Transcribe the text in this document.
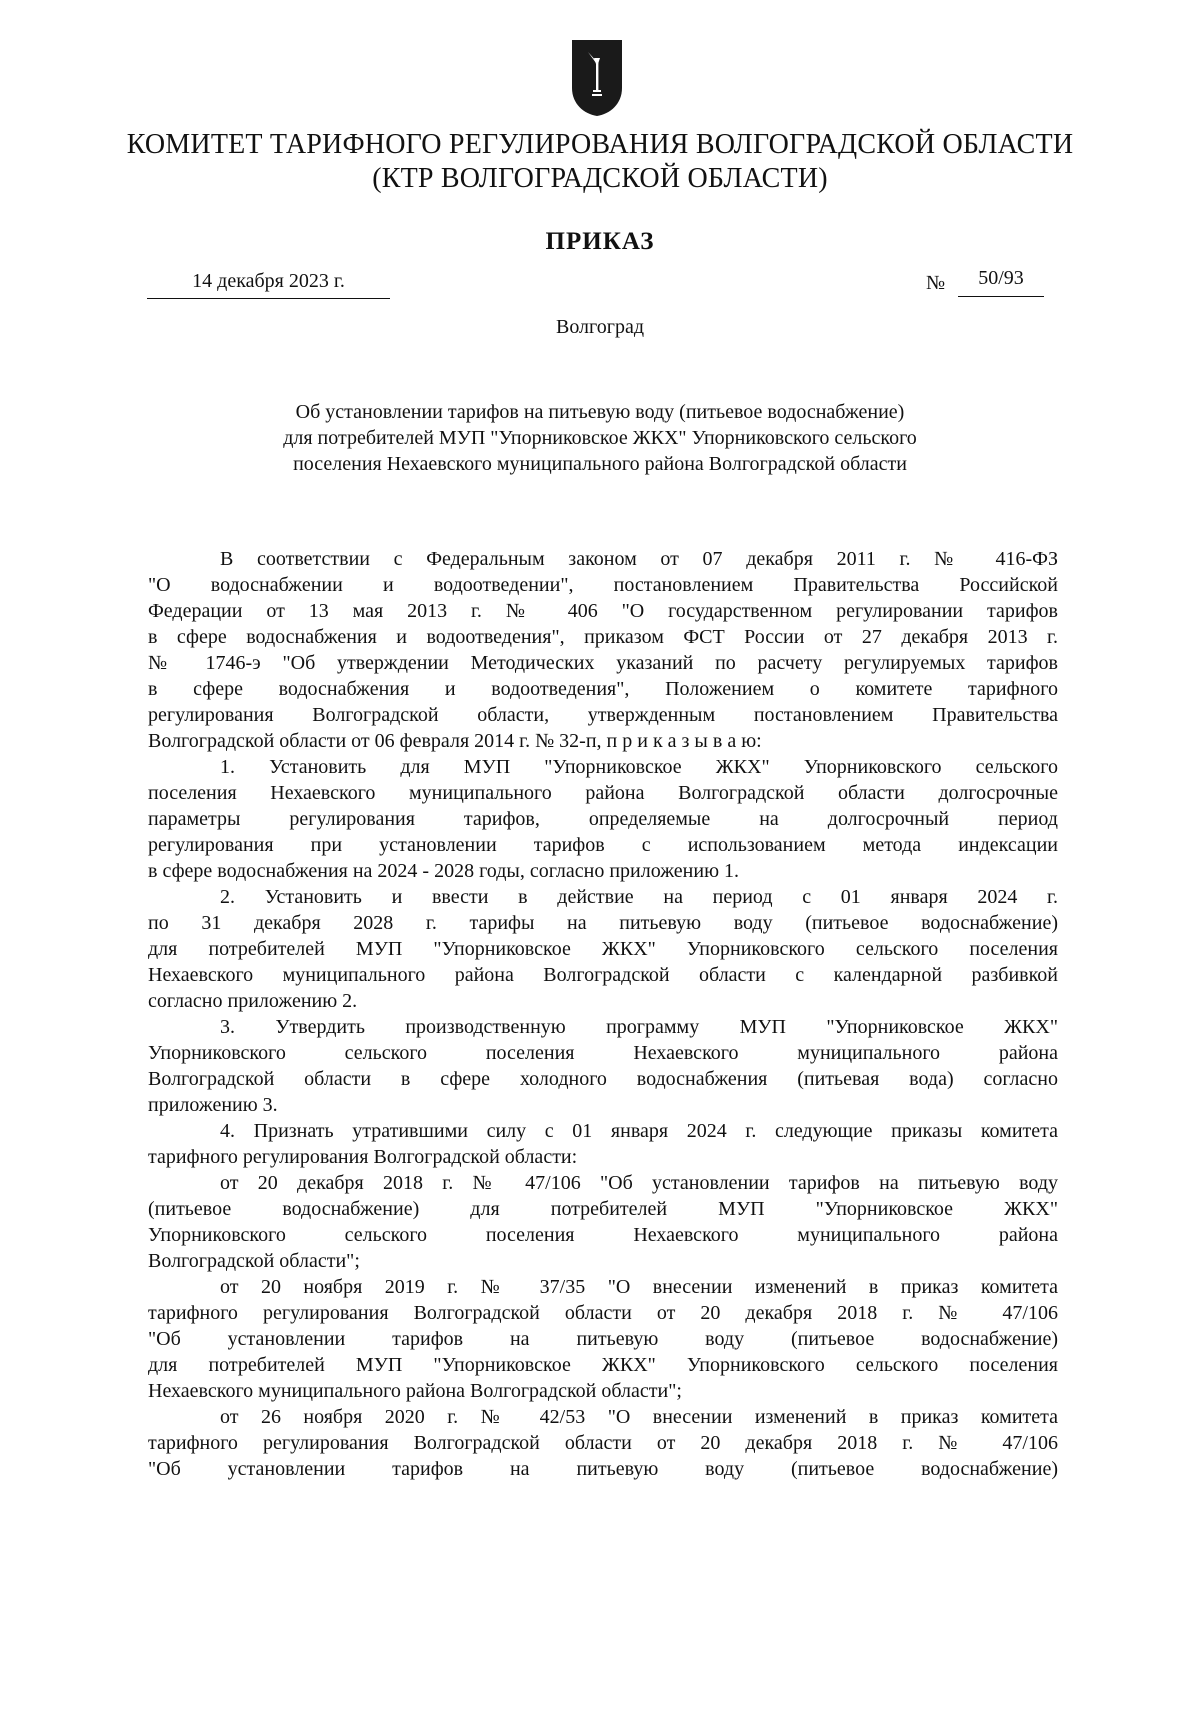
КОМИТЕТ ТАРИФНОГО РЕГУЛИРОВАНИЯ ВОЛГОГРАДСКОЙ ОБЛАСТИ
(КТР ВОЛГОГРАДСКОЙ ОБЛАСТИ)
ПРИКАЗ
14 декабря 2023 г.	№	50/93
Волгоград
Об установлении тарифов на питьевую воду (питьевое водоснабжение)
для потребителей МУП "Упорниковское ЖКХ" Упорниковского сельского
поселения Нехаевского муниципального района Волгоградской области
В соответствии с Федеральным законом от 07 декабря 2011 г. № 416-ФЗ
"О водоснабжении и водоотведении", постановлением Правительства Российской
Федерации от 13 мая 2013 г. № 406 "О государственном регулировании тарифов
в сфере водоснабжения и водоотведения", приказом ФСТ России от 27 декабря 2013 г.
№ 1746-э "Об утверждении Методических указаний по расчету регулируемых тарифов
в сфере водоснабжения и водоотведения", Положением о комитете тарифного
регулирования Волгоградской области, утвержденным постановлением Правительства
Волгоградской области от 06 февраля 2014 г. № 32-п, п р и к а з ы в а ю:
1. Установить для МУП "Упорниковское ЖКХ" Упорниковского сельского
поселения Нехаевского муниципального района Волгоградской области долгосрочные
параметры регулирования тарифов, определяемые на долгосрочный период
регулирования при установлении тарифов с использованием метода индексации
в сфере водоснабжения на 2024 - 2028 годы, согласно приложению 1.
2. Установить и ввести в действие на период с 01 января 2024 г.
по 31 декабря 2028 г. тарифы на питьевую воду (питьевое водоснабжение)
для потребителей МУП "Упорниковское ЖКХ" Упорниковского сельского поселения
Нехаевского муниципального района Волгоградской области с календарной разбивкой
согласно приложению 2.
3. Утвердить производственную программу МУП "Упорниковское ЖКХ"
Упорниковского сельского поселения Нехаевского муниципального района
Волгоградской области в сфере холодного водоснабжения (питьевая вода) согласно
приложению 3.
4. Признать утратившими силу с 01 января 2024 г. следующие приказы комитета
тарифного регулирования Волгоградской области:
от 20 декабря 2018 г. № 47/106 "Об установлении тарифов на питьевую воду
(питьевое водоснабжение) для потребителей МУП "Упорниковское ЖКХ"
Упорниковского сельского поселения Нехаевского муниципального района
Волгоградской области";
от 20 ноября 2019 г. № 37/35 "О внесении изменений в приказ комитета
тарифного регулирования Волгоградской области от 20 декабря 2018 г. № 47/106
"Об установлении тарифов на питьевую воду (питьевое водоснабжение)
для потребителей МУП "Упорниковское ЖКХ" Упорниковского сельского поселения
Нехаевского муниципального района Волгоградской области";
от 26 ноября 2020 г. № 42/53 "О внесении изменений в приказ комитета
тарифного регулирования Волгоградской области от 20 декабря 2018 г. № 47/106
"Об установлении тарифов на питьевую воду (питьевое водоснабжение)
